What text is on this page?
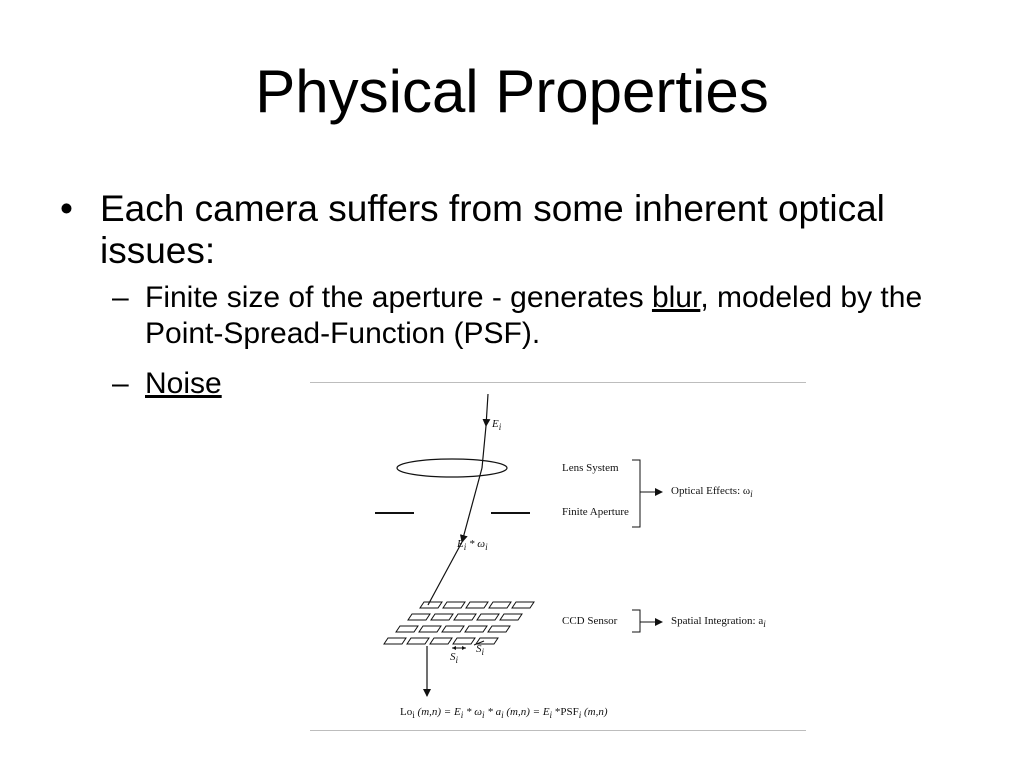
Physical Properties
• Each camera suffers from some inherent optical issues:
– Finite size of the aperture - generates blur, modeled by the Point-Spread-Function (PSF).
– Noise
$E_i$
$E_i * \omega_i$
Lens System
Finite Aperture
Optical Effects: $\omega_i$
CCD Sensor	Spatial Integration: $a_i$
$S_i$
$S_i$
$Lo_i$ $(m,n) = E_i * \omega_i * a_i$ $(m,n) = E_i$ $*PSF_i$ (m,n)
